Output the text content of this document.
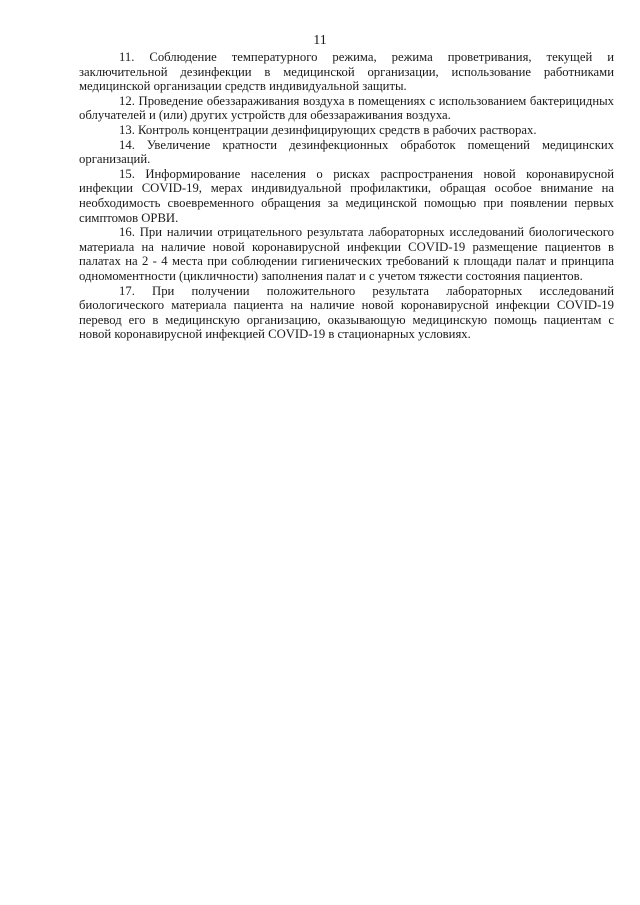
11

11. Соблюдение температурного режима, режима проветривания, текущей и заключительной дезинфекции в медицинской организации, использование работниками медицинской организации средств индивидуальной защиты.

12. Проведение обеззараживания воздуха в помещениях с использованием бактерицидных облучателей и (или) других устройств для обеззараживания воздуха.

13. Контроль концентрации дезинфицирующих средств в рабочих растворах.

14. Увеличение кратности дезинфекционных обработок помещений медицинских организаций.

15. Информирование населения о рисках распространения новой коронавирусной инфекции COVID-19, мерах индивидуальной профилактики, обращая особое внимание на необходимость своевременного обращения за медицинской помощью при появлении первых симптомов ОРВИ.

16. При наличии отрицательного результата лабораторных исследований биологического материала на наличие новой коронавирусной инфекции COVID-19 размещение пациентов в палатах на 2 - 4 места при соблюдении гигиенических требований к площади палат и принципа одномоментности (цикличности) заполнения палат и с учетом тяжести состояния пациентов.

17. При получении положительного результата лабораторных исследований биологического материала пациента на наличие новой коронавирусной инфекции COVID-19 перевод его в медицинскую организацию, оказывающую медицинскую помощь пациентам с новой коронавирусной инфекцией COVID-19 в стационарных условиях.
